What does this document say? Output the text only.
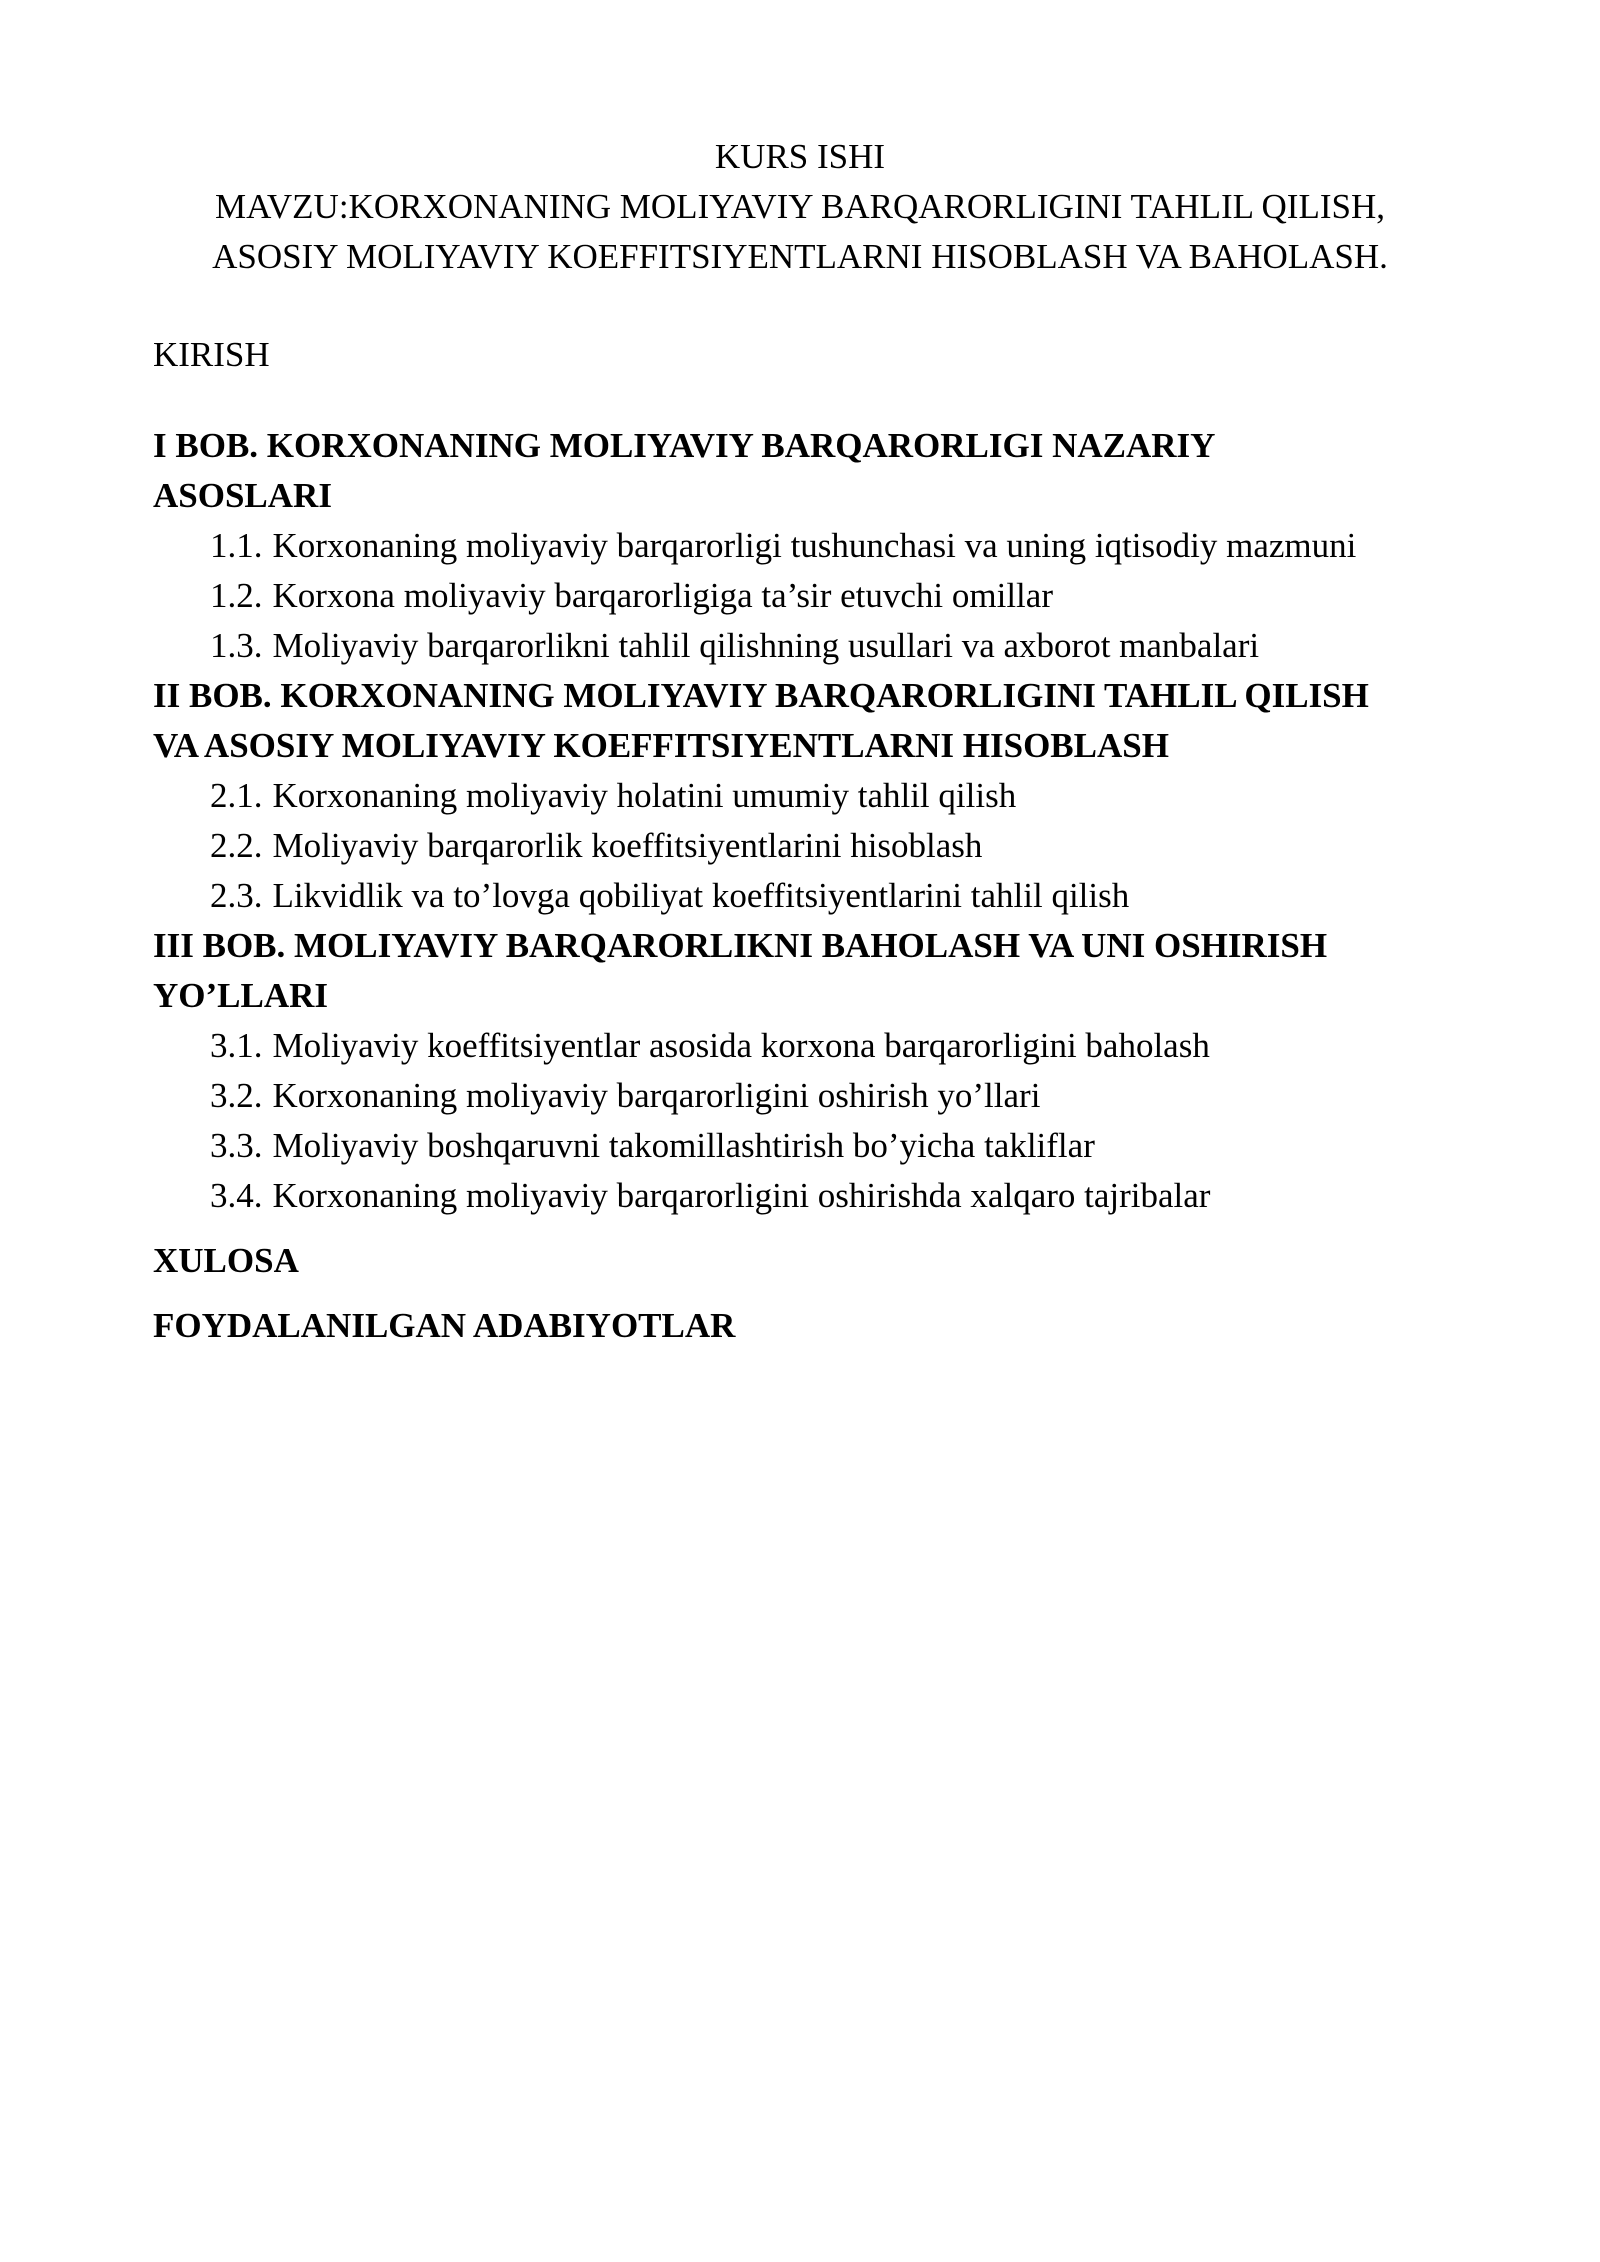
KURS ISHI
MAVZU:KORXONANING MOLIYAVIY BARQARORLIGINI TAHLIL QILISH,
ASOSIY MOLIYAVIY KOEFFITSIYENTLARNI HISOBLASH VA BAHOLASH.

KIRISH

I BOB. KORXONANING MOLIYAVIY BARQARORLIGI NAZARIY
ASOSLARI

1.1. Korxonaning moliyaviy barqarorligi tushunchasi va uning iqtisodiy mazmuni

1.2. Korxona moliyaviy barqarorligiga ta’sir etuvchi omillar

1.3. Moliyaviy barqarorlikni tahlil qilishning usullari va axborot manbalari

II BOB. KORXONANING MOLIYAVIY BARQARORLIGINI TAHLIL QILISH
VA ASOSIY MOLIYAVIY KOEFFITSIYENTLARNI HISOBLASH

2.1. Korxonaning moliyaviy holatini umumiy tahlil qilish

2.2. Moliyaviy barqarorlik koeffitsiyentlarini hisoblash

2.3. Likvidlik va to’lovga qobiliyat koeffitsiyentlarini tahlil qilish

III BOB. MOLIYAVIY BARQARORLIKNI BAHOLASH VA UNI OSHIRISH
YO’LLARI

3.1. Moliyaviy koeffitsiyentlar asosida korxona barqarorligini baholash

3.2. Korxonaning moliyaviy barqarorligini oshirish yo’llari

3.3. Moliyaviy boshqaruvni takomillashtirish bo’yicha takliflar

3.4. Korxonaning moliyaviy barqarorligini oshirishda xalqaro tajribalar

XULOSA

FOYDALANILGAN ADABIYOTLAR
